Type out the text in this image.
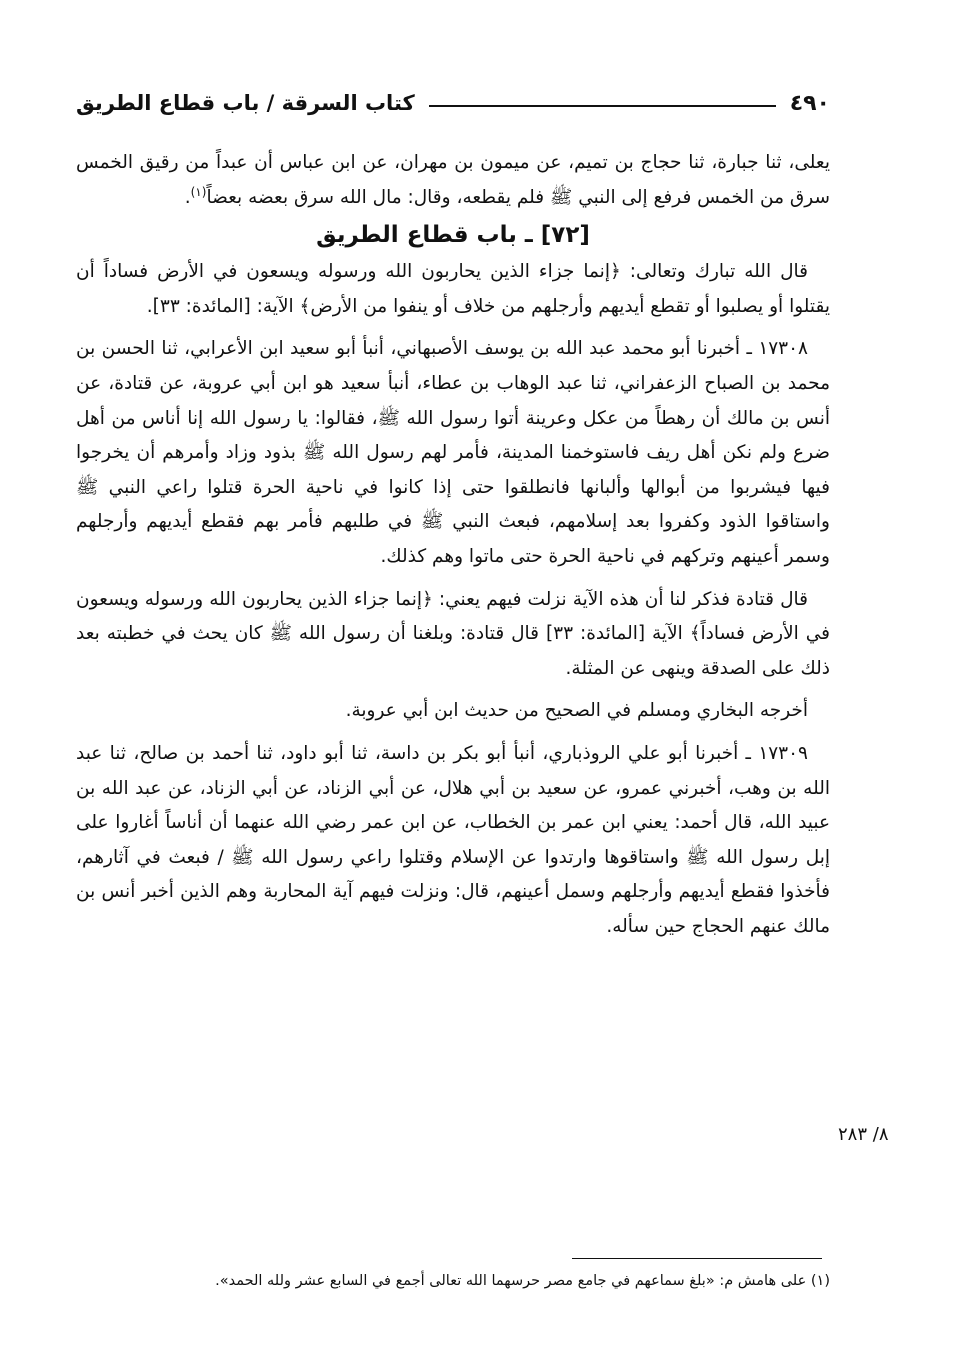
٤٩٠
كتاب السرقة / باب قطاع الطريق

يعلى، ثنا جبارة، ثنا حجاج بن تميم، عن ميمون بن مهران، عن ابن عباس أن عبداً من رقيق الخمس سرق من الخمس فرفع إلى النبي ﷺ فلم يقطعه، وقال: مال الله سرق بعضه بعضاً$^{(١)}$.

[٧٢] ـ باب قطاع الطريق

قال الله تبارك وتعالى: ﴿إنما جزاء الذين يحاربون الله ورسوله ويسعون في الأرض فساداً أن يقتلوا أو يصلبوا أو تقطع أيديهم وأرجلهم من خلاف أو ينفوا من الأرض﴾ الآية: [المائدة: ٣٣].

١٧٣٠٨ ـ أخبرنا أبو محمد عبد الله بن يوسف الأصبهاني، أنبأ أبو سعيد ابن الأعرابي، ثنا الحسن بن محمد بن الصباح الزعفراني، ثنا عبد الوهاب بن عطاء، أنبأ سعيد هو ابن أبي عروبة، عن قتادة، عن أنس بن مالك أن رهطاً من عكل وعرينة أتوا رسول الله ﷺ، فقالوا: يا رسول الله إنا أناس من أهل ضرع ولم نكن أهل ريف فاستوخمنا المدينة، فأمر لهم رسول الله ﷺ بذود وزاد وأمرهم أن يخرجوا فيها فيشربوا من أبوالها وألبانها فانطلقوا حتى إذا كانوا في ناحية الحرة قتلوا راعي النبي ﷺ واستاقوا الذود وكفروا بعد إسلامهم، فبعث النبي ﷺ في طلبهم فأمر بهم فقطع أيديهم وأرجلهم وسمر أعينهم وتركهم في ناحية الحرة حتى ماتوا وهم كذلك.

قال قتادة فذكر لنا أن هذه الآية نزلت فيهم يعني: ﴿إنما جزاء الذين يحاربون الله ورسوله ويسعون في الأرض فساداً﴾ الآية [المائدة: ٣٣] قال قتادة: وبلغنا أن رسول الله ﷺ كان يحث في خطبته بعد ذلك على الصدقة وينهى عن المثلة.

أخرجه البخاري ومسلم في الصحيح من حديث ابن أبي عروبة.

١٧٣٠٩ ـ أخبرنا أبو علي الروذباري، أنبأ أبو بكر بن داسة، ثنا أبو داود، ثنا أحمد بن صالح، ثنا عبد الله بن وهب، أخبرني عمرو، عن سعيد بن أبي هلال، عن أبي الزناد، عن أبي الزناد، عن عبد الله بن عبيد الله، قال أحمد: يعني ابن عمر بن الخطاب، عن ابن عمر رضي الله عنهما أن أناساً أغاروا على إبل رسول الله ﷺ واستاقوها وارتدوا عن الإسلام وقتلوا راعي رسول الله ﷺ / فبعث في آثارهم، فأخذوا فقطع أيديهم وأرجلهم وسمل أعينهم، قال: ونزلت فيهم آية المحاربة وهم الذين أخبر أنس بن مالك عنهم الحجاج حين سأله.

٨/ ٢٨٣
(١) على هامش م: «بلغ سماعهم في جامع مصر حرسهما الله تعالى أجمع في السابع عشر ولله الحمد».
